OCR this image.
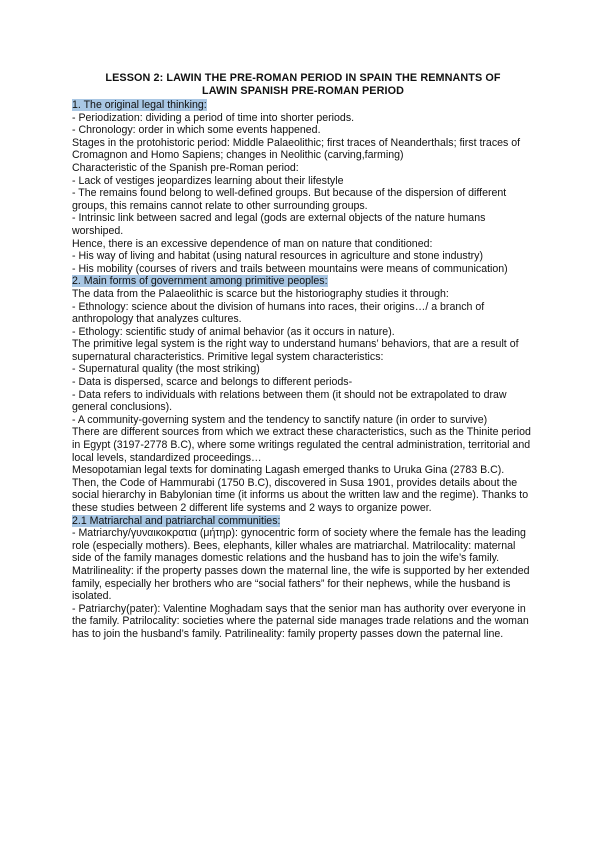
LESSON 2: LAWIN THE PRE-ROMAN PERIOD IN SPAIN THE REMNANTS OF
LAWIN SPANISH PRE-ROMAN PERIOD
1. The original legal thinking:

- Periodization: dividing a period of time into shorter periods.

- Chronology: order in which some events happened.

Stages in the protohistoric period: Middle Palaeolithic; first traces of Neanderthals; first traces of Cromagnon and Homo Sapiens; changes in Neolithic (carving,farming)

Characteristic of the Spanish pre-Roman period:

- Lack of vestiges jeopardizes learning about their lifestyle

- The remains found belong to well-defined groups. But because of the dispersion of different groups, this remains cannot relate to other surrounding groups.

- Intrinsic link between sacred and legal (gods are external objects of the nature humans worshiped.

Hence, there is an excessive dependence of man on nature that conditioned:

- His way of living and habitat (using natural resources in agriculture and stone industry)

- His mobility (courses of rivers and trails between mountains were means of communication)

2. Main forms of government among primitive peoples:

The data from the Palaeolithic is scarce but the historiography studies it through:

- Ethnology: science about the division of humans into races, their origins…/ a branch of anthropology that analyzes cultures.

- Ethology: scientific study of animal behavior (as it occurs in nature).

The primitive legal system is the right way to understand humans’ behaviors, that are a result of supernatural characteristics. Primitive legal system characteristics:

- Supernatural quality (the most striking)

- Data is dispersed, scarce and belongs to different periods-

- Data refers to individuals with relations between them (it should not be extrapolated to draw general conclusions).

- A community-governing system and the tendency to sanctify nature (in order to survive)

There are different sources from which we extract these characteristics, such as the Thinite period in Egypt (3197-2778 B.C), where some writings regulated the central administration, territorial and local levels, standardized proceedings…

Mesopotamian legal texts for dominating Lagash emerged thanks to Uruka Gina (2783 B.C). Then, the Code of Hammurabi (1750 B.C), discovered in Susa 1901, provides details about the social hierarchy in Babylonian time (it informs us about the written law and the regime). Thanks to these studies between 2 different life systems and 2 ways to organize power.

2.1 Matriarchal and patriarchal communities:

- Matriarchy/γυναικοκρατια (μήτηρ): gynocentric form of society where the female has the leading role (especially mothers). Bees, elephants, killer whales are matriarchal. Matrilocality: maternal side of the family manages domestic relations and the husband has to join the wife’s family. Matrilineality: if the property passes down the maternal line, the wife is supported by her extended family, especially her brothers who are “social fathers” for their nephews, while the husband is isolated.

- Patriarchy(pater): Valentine Moghadam says that the senior man has authority over everyone in the family. Patrilocality: societies where the paternal side manages trade relations and the woman has to join the husband’s family. Patrilineality: family property passes down the paternal line.
